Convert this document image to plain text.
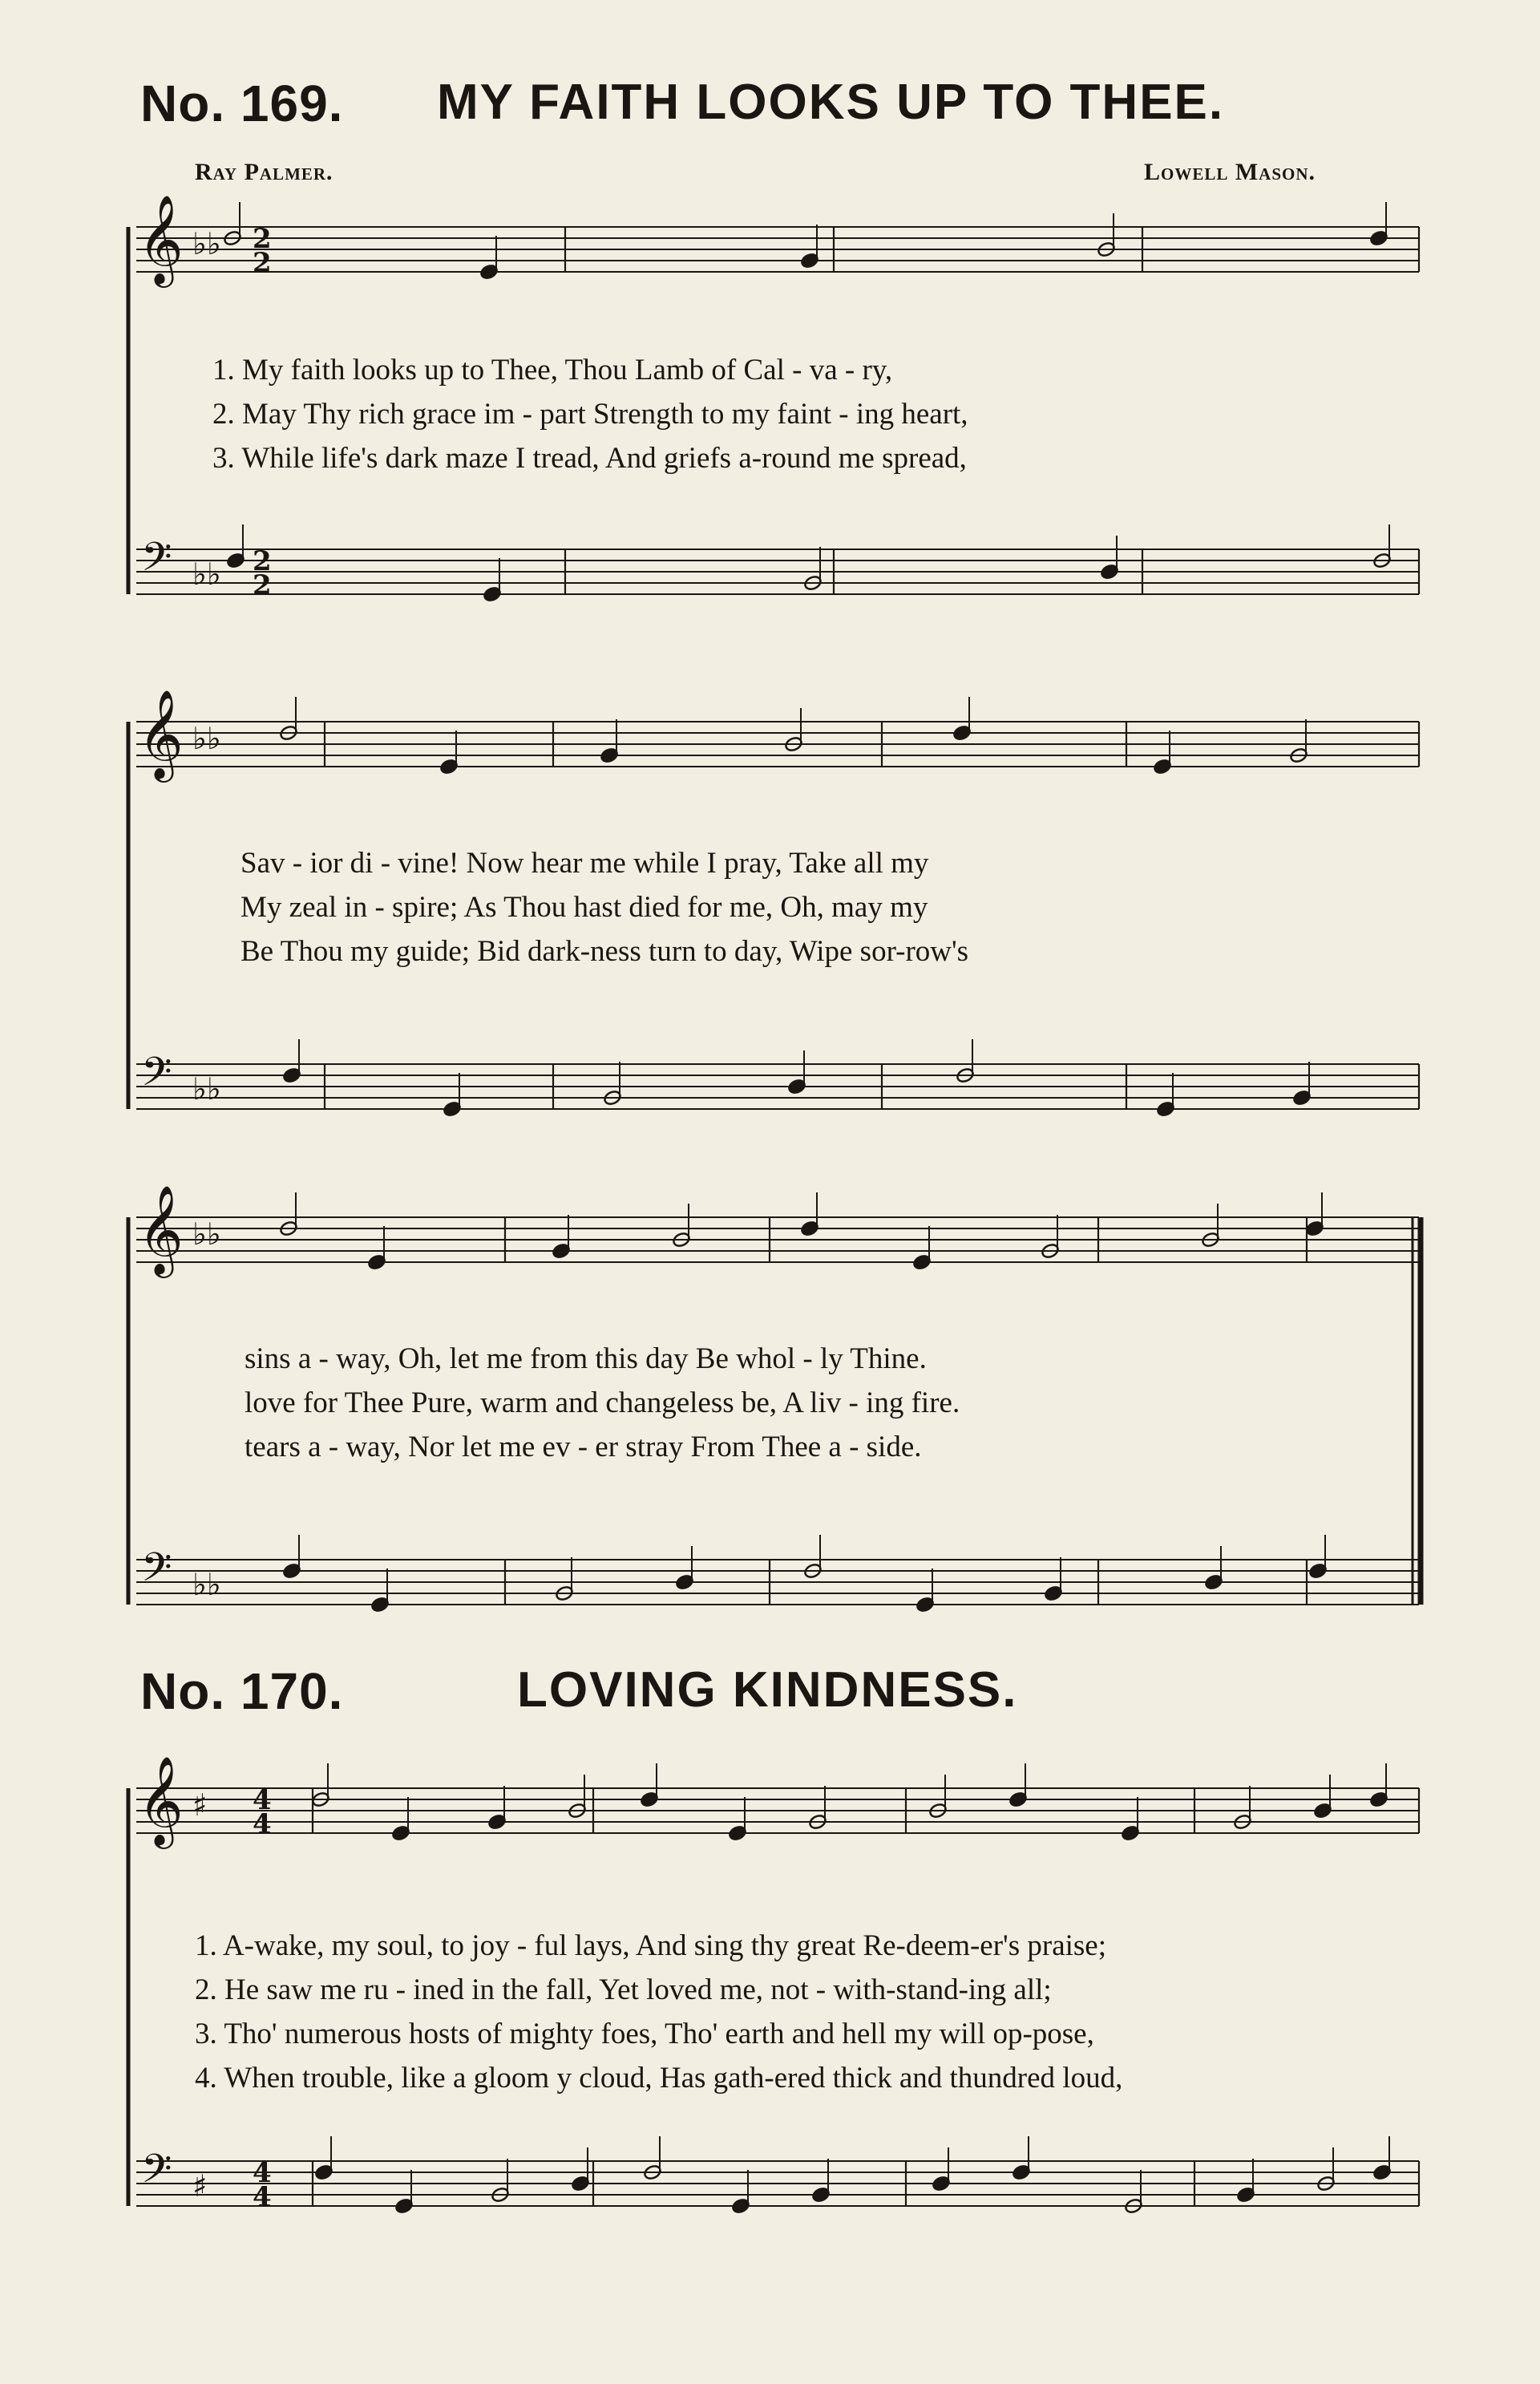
No. 169. MY FAITH LOOKS UP TO THEE.
Ray Palmer.	Lowell Mason.
1. My faith looks up to Thee, Thou Lamb of Cal - va - ry,
2. May Thy rich grace im - part Strength to my faint - ing heart,
3. While life's dark maze I tread, And griefs a-round me spread,
Sav - ior di - vine! Now hear me while I pray, Take all my
My zeal in - spire; As Thou hast died for me, Oh, may my
Be Thou my guide; Bid dark-ness turn to day, Wipe sor-row's
sins a - way, Oh, let me from this day Be whol - ly Thine.
love for Thee Pure, warm and changeless be, A liv - ing fire.
tears a - way, Nor let me ev - er stray From Thee a - side.
No. 170.	LOVING KINDNESS.
1. A-wake, my soul, to joy - ful lays, And sing thy great Re-deem-er's praise;
2. He saw me ru - ined in the fall, Yet loved me, not - with-stand-ing all;
3. Tho' numerous hosts of mighty foes, Tho' earth and hell my will op-pose,
4. When trouble, like a gloom y cloud, Has gath-ered thick and thundred loud,
𝄞
𝄢
♭♭
♭♭
2
2
2
2
𝄞
𝄢
♭♭
♭♭
𝄞
𝄢
♭♭
♭♭
𝄞
𝄢
♯
♯
4
4
4
4
